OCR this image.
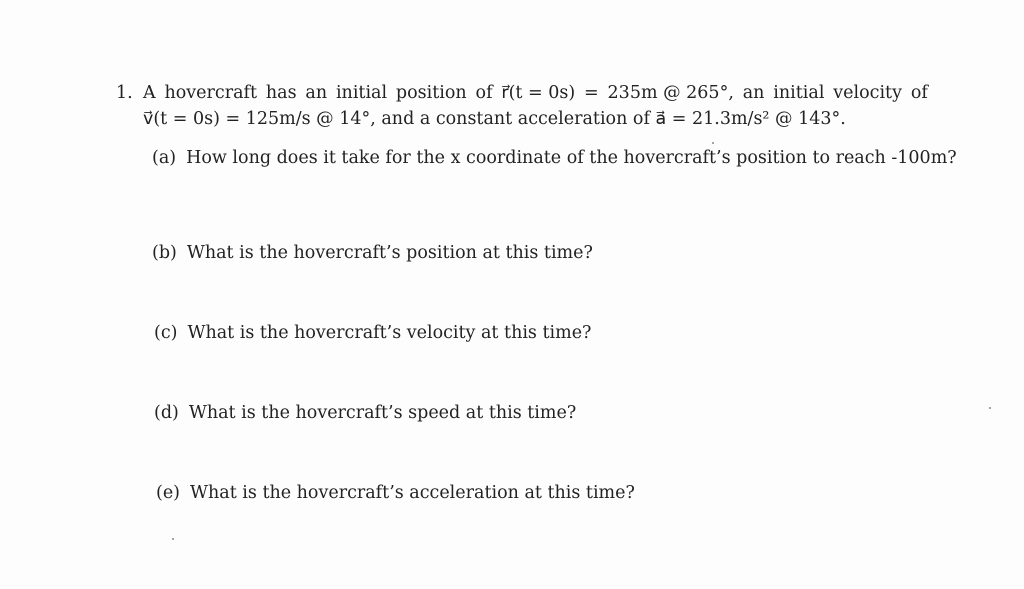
1. A hovercraft has an initial position of r⃗(t = 0s) = 235m @ 265°, an initial velocity of
v⃗(t = 0s) = 125m/s @ 14°, and a constant acceleration of a⃗ = 21.3m/s² @ 143°.
(a) How long does it take for the x coordinate of the hovercraft’s position to reach -100m?
(b) What is the hovercraft’s position at this time?
(c) What is the hovercraft’s velocity at this time?
(d) What is the hovercraft’s speed at this time?
(e) What is the hovercraft’s acceleration at this time?
